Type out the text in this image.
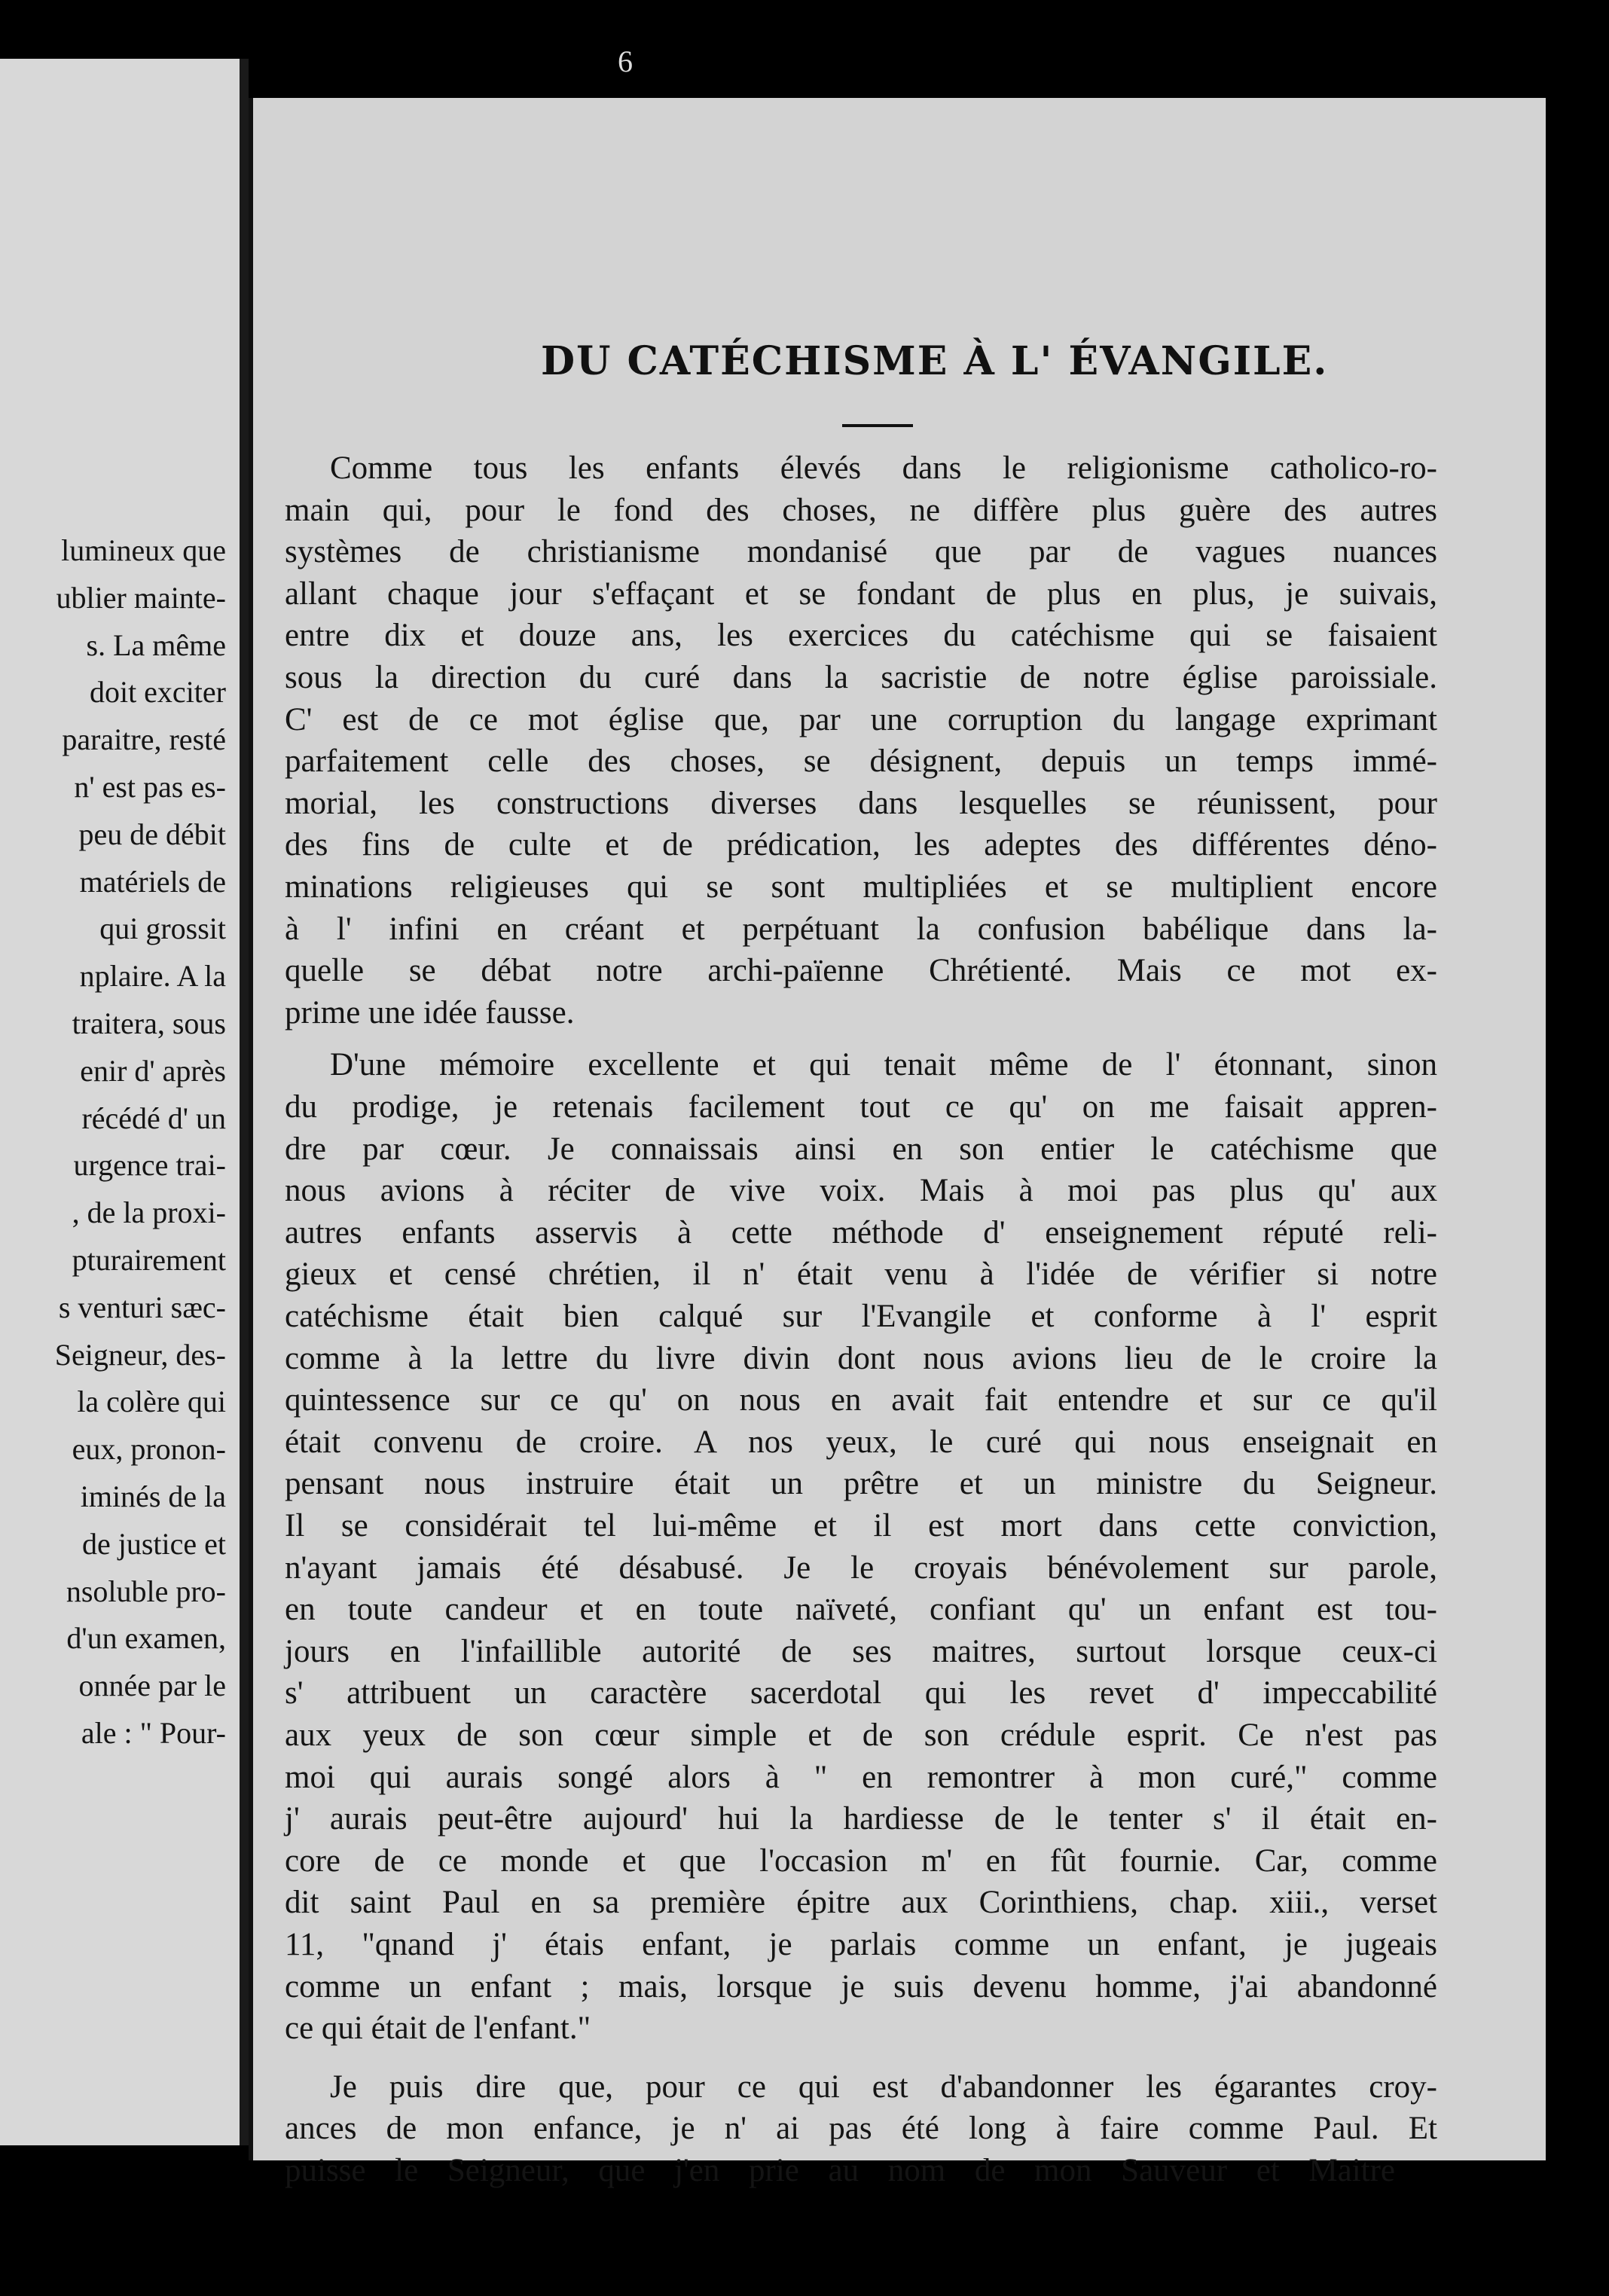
lumineux que
ublier mainte-
s. La même
doit exciter
paraitre, resté
n' est pas es-
peu de débit
matériels de
qui grossit
nplaire. A la
traitera, sous
enir d' après
récédé d' un
urgence trai-
, de la proxi-
pturairement
s venturi sæc-
Seigneur, des-
la colère qui
eux, pronon-
iminés de la
de justice et
nsoluble pro-
d'un examen,
onnée par le
ale : " Pour-
6
DU CATÉCHISME À L' ÉVANGILE.
Comme tous les enfants élevés dans le religionisme catholico-ro-
main qui, pour le fond des choses, ne diffère plus guère des autres
systèmes de christianisme mondanisé que par de vagues nuances
allant chaque jour s'effaçant et se fondant de plus en plus, je suivais,
entre dix et douze ans, les exercices du catéchisme qui se faisaient
sous la direction du curé dans la sacristie de notre église paroissiale.
C' est de ce mot église que, par une corruption du langage exprimant
parfaitement celle des choses, se désignent, depuis un temps immé-
morial, les constructions diverses dans lesquelles se réunissent, pour
des fins de culte et de prédication, les adeptes des différentes déno-
minations religieuses qui se sont multipliées et se multiplient encore
à l' infini en créant et perpétuant la confusion babélique dans la-
quelle se débat notre archi-païenne Chrétienté. Mais ce mot ex-
prime une idée fausse.
D'une mémoire excellente et qui tenait même de l' étonnant, sinon
du prodige, je retenais facilement tout ce qu' on me faisait appren-
dre par cœur. Je connaissais ainsi en son entier le catéchisme que
nous avions à réciter de vive voix. Mais à moi pas plus qu' aux
autres enfants asservis à cette méthode d' enseignement réputé reli-
gieux et censé chrétien, il n' était venu à l'idée de vérifier si notre
catéchisme était bien calqué sur l'Evangile et conforme à l' esprit
comme à la lettre du livre divin dont nous avions lieu de le croire la
quintessence sur ce qu' on nous en avait fait entendre et sur ce qu'il
était convenu de croire. A nos yeux, le curé qui nous enseignait en
pensant nous instruire était un prêtre et un ministre du Seigneur.
Il se considérait tel lui-même et il est mort dans cette conviction,
n'ayant jamais été désabusé. Je le croyais bénévolement sur parole,
en toute candeur et en toute naïveté, confiant qu' un enfant est tou-
jours en l'infaillible autorité de ses maitres, surtout lorsque ceux-ci
s' attribuent un caractère sacerdotal qui les revet d' impeccabilité
aux yeux de son cœur simple et de son crédule esprit. Ce n'est pas
moi qui aurais songé alors à " en remontrer à mon curé," comme
j' aurais peut-être aujourd' hui la hardiesse de le tenter s' il était en-
core de ce monde et que l'occasion m' en fût fournie. Car, comme
dit saint Paul en sa première épitre aux Corinthiens, chap. xiii., verset
11, "qnand j' étais enfant, je parlais comme un enfant, je jugeais
comme un enfant ; mais, lorsque je suis devenu homme, j'ai abandonné
ce qui était de l'enfant."
Je puis dire que, pour ce qui est d'abandonner les égarantes croy-
ances de mon enfance, je n' ai pas été long à faire comme Paul. Et
puisse le Seigneur, que j'en prie au nom de mon Sauveur et Maitre
